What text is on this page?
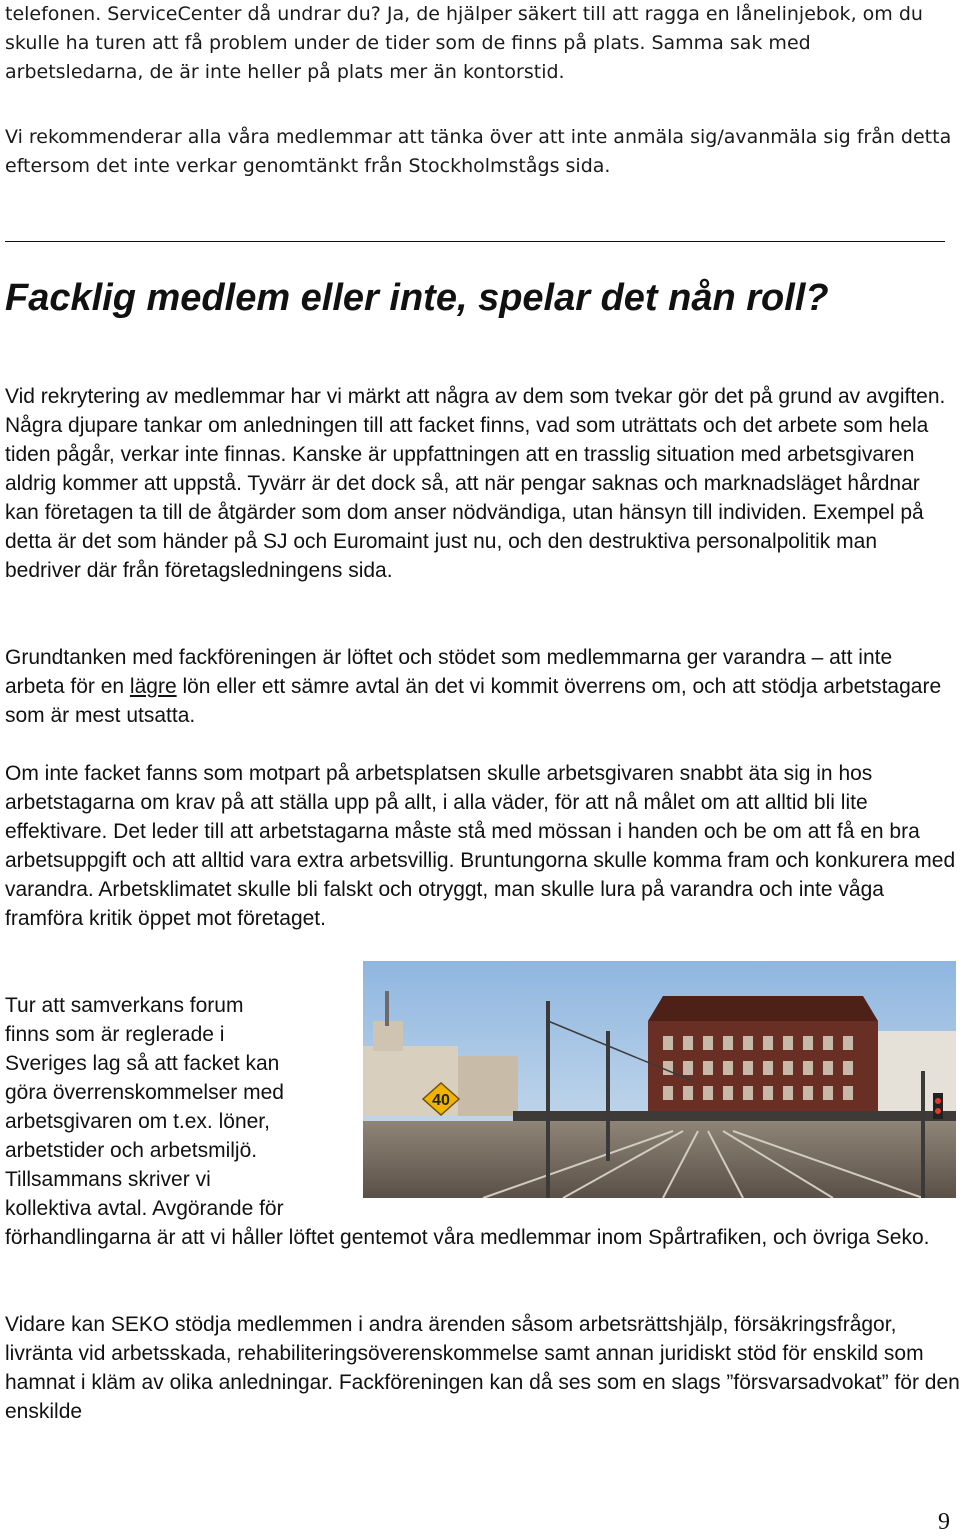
telefonen. ServiceCenter då undrar du? Ja, de hjälper säkert till att ragga en lånelinjebok, om du skulle ha turen att få problem under de tider som de finns på plats. Samma sak med arbetsledarna, de är inte heller på plats mer än kontorstid.

Vi rekommenderar alla våra medlemmar att tänka över att inte anmäla sig/avanmäla sig från detta eftersom det inte verkar genomtänkt från Stockholmstågs sida.

Facklig medlem eller inte, spelar det nån roll?

Vid rekrytering av medlemmar har vi märkt att några av dem som tvekar gör det på grund av avgiften. Några djupare tankar om anledningen till att facket finns, vad som uträttats och det arbete som hela tiden pågår, verkar inte finnas. Kanske är uppfattningen att en trasslig situation med arbetsgivaren aldrig kommer att uppstå. Tyvärr är det dock så, att när pengar saknas och marknadsläget hårdnar kan företagen ta till de åtgärder som dom anser nödvändiga, utan hänsyn till individen. Exempel på detta är det som händer på SJ och Euromaint just nu, och den destruktiva personalpolitik man bedriver där från företagsledningens sida.

Grundtanken med fackföreningen är löftet och stödet som medlemmarna ger varandra – att inte arbeta för en lägre lön eller ett sämre avtal än det vi kommit överrens om, och att stödja arbetstagare som är mest utsatta.

Om inte facket fanns som motpart på arbetsplatsen skulle arbetsgivaren snabbt äta sig in hos arbetstagarna om krav på att ställa upp på allt, i alla väder, för att nå målet om att alltid bli lite effektivare. Det leder till att arbetstagarna måste stå med mössan i handen och be om att få en bra arbetsuppgift och att alltid vara extra arbetsvillig. Bruntungorna skulle komma fram och konkurera med varandra. Arbetsklimatet skulle bli falskt och otryggt, man skulle lura på varandra och inte våga framföra kritik öppet mot företaget.

Tur att samverkans forum
finns som är reglerade i
Sveriges lag så att facket kan
göra överrenskommelser med
arbetsgivaren om t.ex. löner,
arbetstider och arbetsmiljö.
Tillsammans skriver vi
kollektiva avtal. Avgörande för

förhandlingarna är att vi håller löftet gentemot våra medlemmar inom Spårtrafiken, och övriga Seko.

Vidare kan SEKO stödja medlemmen i andra ärenden såsom arbetsrättshjälp, försäkringsfrågor, livränta vid arbetsskada, rehabiliteringsöverenskommelse samt annan juridiskt stöd för enskild som hamnat i kläm av olika anledningar. Fackföreningen kan då ses som en slags ”försvarsadvokat” för den enskilde

40
9
